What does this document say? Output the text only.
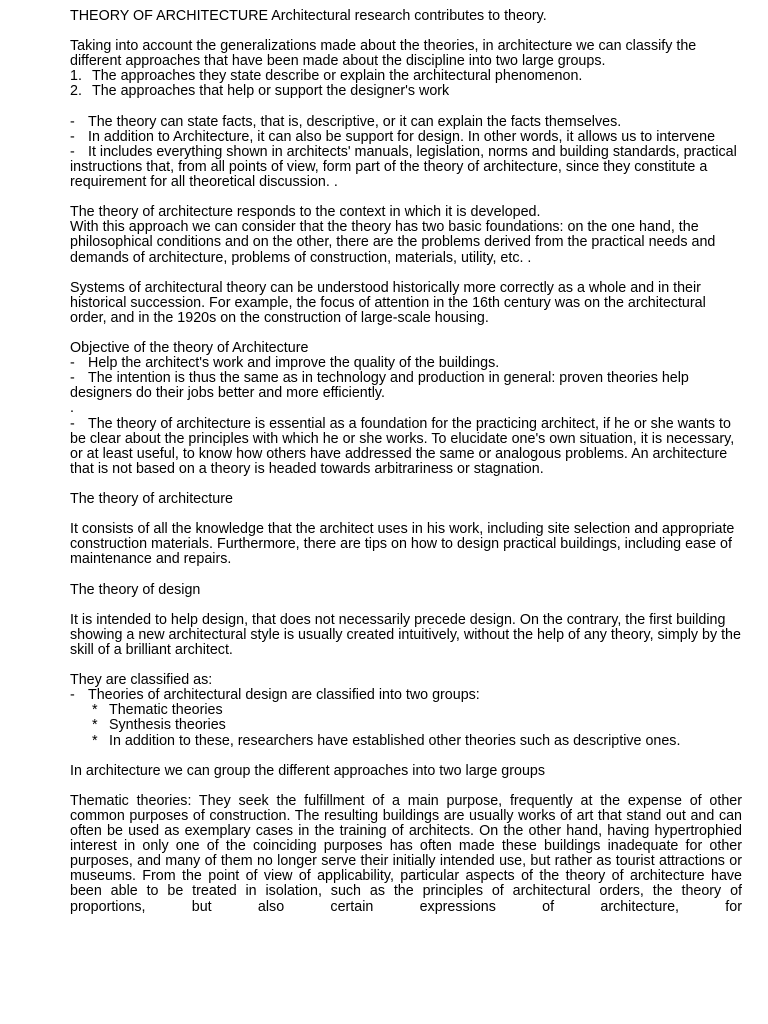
THEORY OF ARCHITECTURE Architectural research contributes to theory.

Taking into account the generalizations made about the theories, in architecture we can classify the different approaches that have been made about the discipline into two large groups.
1. The approaches they state describe or explain the architectural phenomenon.
2. The approaches that help or support the designer's work

- The theory can state facts, that is, descriptive, or it can explain the facts themselves.
- In addition to Architecture, it can also be support for design. In other words, it allows us to intervene
- It includes everything shown in architects' manuals, legislation, norms and building standards, practical instructions that, from all points of view, form part of the theory of architecture, since they constitute a requirement for all theoretical discussion. .

The theory of architecture responds to the context in which it is developed.
With this approach we can consider that the theory has two basic foundations: on the one hand, the philosophical conditions and on the other, there are the problems derived from the practical needs and demands of architecture, problems of construction, materials, utility, etc. .

Systems of architectural theory can be understood historically more correctly as a whole and in their historical succession. For example, the focus of attention in the 16th century was on the architectural order, and in the 1920s on the construction of large-scale housing.

Objective of the theory of Architecture
- Help the architect's work and improve the quality of the buildings.
- The intention is thus the same as in technology and production in general: proven theories help designers do their jobs better and more efficiently.
.
- The theory of architecture is essential as a foundation for the practicing architect, if he or she wants to be clear about the principles with which he or she works. To elucidate one's own situation, it is necessary, or at least useful, to know how others have addressed the same or analogous problems. An architecture that is not based on a theory is headed towards arbitrariness or stagnation.

The theory of architecture

It consists of all the knowledge that the architect uses in his work, including site selection and appropriate construction materials. Furthermore, there are tips on how to design practical buildings, including ease of maintenance and repairs.

The theory of design

It is intended to help design, that does not necessarily precede design. On the contrary, the first building showing a new architectural style is usually created intuitively, without the help of any theory, simply by the skill of a brilliant architect.

They are classified as:
- Theories of architectural design are classified into two groups:
* Thematic theories
* Synthesis theories
* In addition to these, researchers have established other theories such as descriptive ones.

In architecture we can group the different approaches into two large groups

Thematic theories: They seek the fulfillment of a main purpose, frequently at the expense of other common purposes of construction. The resulting buildings are usually works of art that stand out and can often be used as exemplary cases in the training of architects. On the other hand, having hypertrophied interest in only one of the coinciding purposes has often made these buildings inadequate for other purposes, and many of them no longer serve their initially intended use, but rather as tourist attractions or museums. From the point of view of applicability, particular aspects of the theory of architecture have been able to be treated in isolation, such as the principles of architectural orders, the theory of proportions, but also certain expressions of architecture, for
